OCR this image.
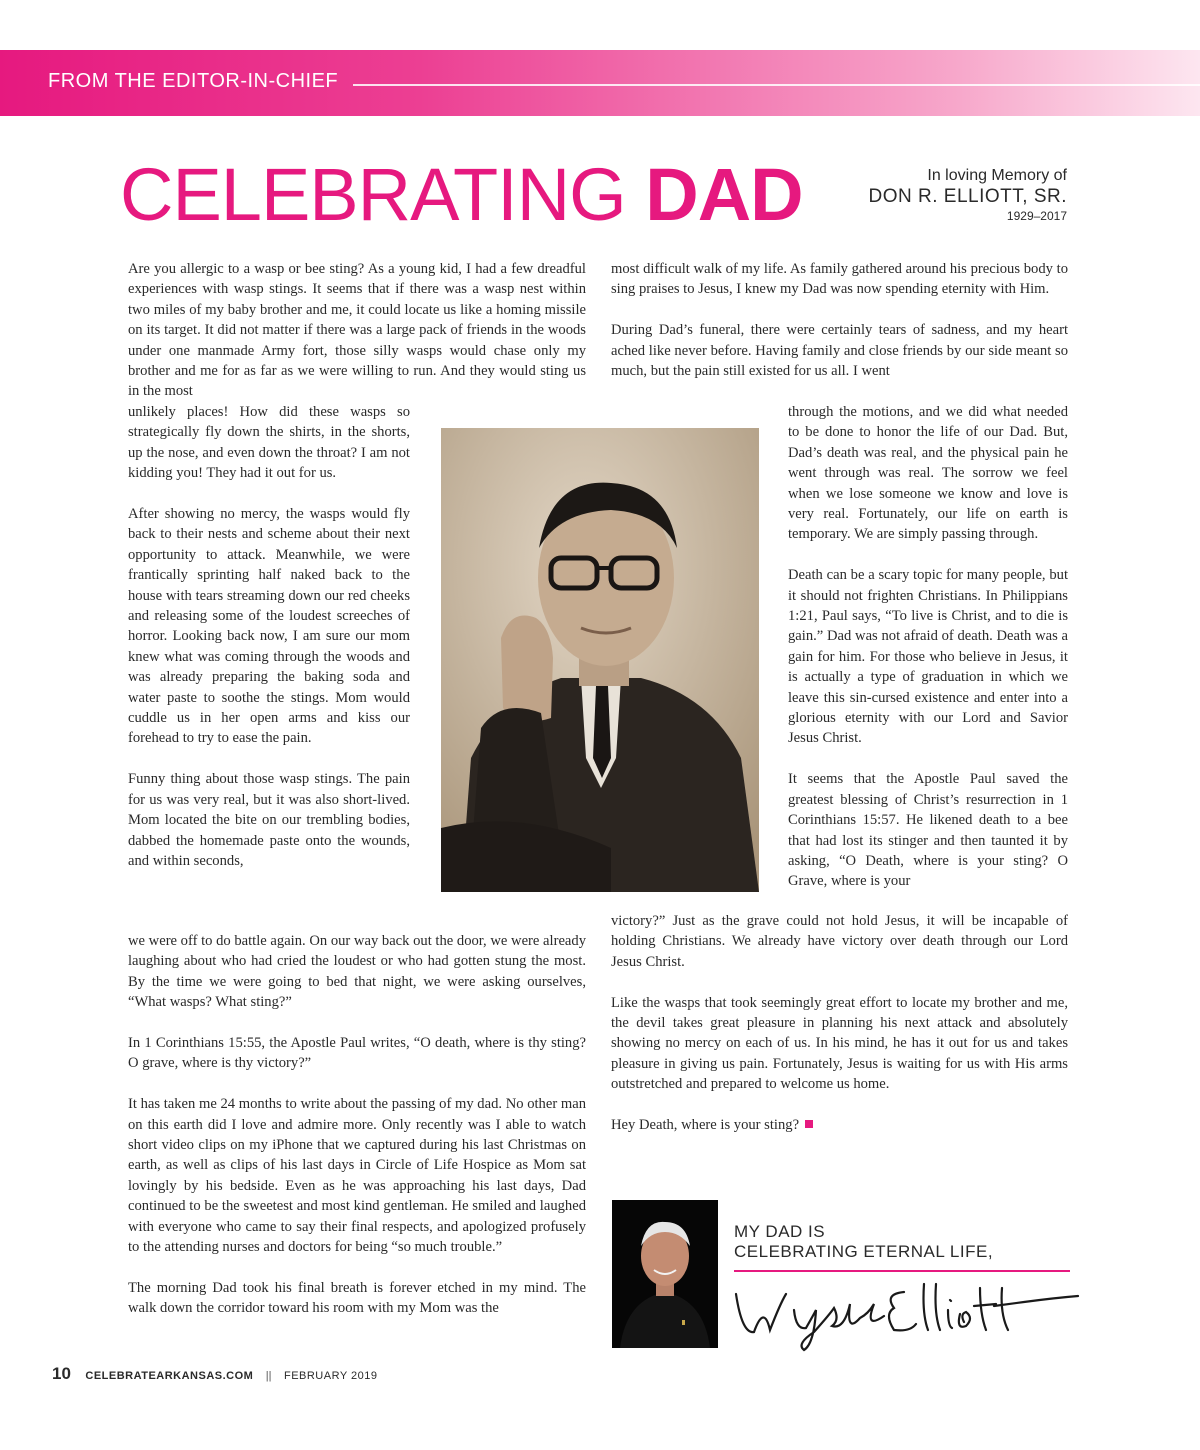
FROM THE EDITOR-IN-CHIEF
CELEBRATING DAD	In loving Memory of
DON R. ELLIOTT, SR.
1929–2017

Are you allergic to a wasp or bee sting? As a young kid, I had a few dreadful experiences with wasp stings. It seems that if there was a wasp nest within two miles of my baby brother and me, it could locate us like a homing missile on its target. It did not matter if there was a large pack of friends in the woods under one manmade Army fort, those silly wasps would chase only my brother and me for as far as we were willing to run. And they would sting us in the most

unlikely places! How did these wasps so strategically fly down the shirts, in the shorts, up the nose, and even down the throat? I am not kidding you! They had it out for us.

After showing no mercy, the wasps would fly back to their nests and scheme about their next opportunity to attack. Meanwhile, we were frantically sprinting half naked back to the house with tears streaming down our red cheeks and releasing some of the loudest screeches of horror. Looking back now, I am sure our mom knew what was coming through the woods and was already preparing the baking soda and water paste to soothe the stings. Mom would cuddle us in her open arms and kiss our forehead to try to ease the pain.

Funny thing about those wasp stings. The pain for us was very real, but it was also short-lived. Mom located the bite on our trembling bodies, dabbed the homemade paste onto the wounds, and within seconds,

we were off to do battle again. On our way back out the door, we were already laughing about who had cried the loudest or who had gotten stung the most. By the time we were going to bed that night, we were asking ourselves, “What wasps? What sting?”

In 1 Corinthians 15:55, the Apostle Paul writes, “O death, where is thy sting? O grave, where is thy victory?”

It has taken me 24 months to write about the passing of my dad. No other man on this earth did I love and admire more. Only recently was I able to watch short video clips on my iPhone that we captured during his last Christmas on earth, as well as clips of his last days in Circle of Life Hospice as Mom sat lovingly by his bedside. Even as he was approaching his last days, Dad continued to be the sweetest and most kind gentleman. He smiled and laughed with everyone who came to say their final respects, and apologized profusely to the attending nurses and doctors for being “so much trouble.”

The morning Dad took his final breath is forever etched in my mind. The walk down the corridor toward his room with my Mom was the

most difficult walk of my life. As family gathered around his precious body to sing praises to Jesus, I knew my Dad was now spending eternity with Him.

During Dad’s funeral, there were certainly tears of sadness, and my heart ached like never before. Having family and close friends by our side meant so much, but the pain still existed for us all. I went

through the motions, and we did what needed to be done to honor the life of our Dad. But, Dad’s death was real, and the physical pain he went through was real. The sorrow we feel when we lose someone we know and love is very real. Fortunately, our life on earth is temporary. We are simply passing through.

Death can be a scary topic for many people, but it should not frighten Christians. In Philippians 1:21, Paul says, “To live is Christ, and to die is gain.” Dad was not afraid of death. Death was a gain for him. For those who believe in Jesus, it is actually a type of graduation in which we leave this sin-cursed existence and enter into a glorious eternity with our Lord and Savior Jesus Christ.

It seems that the Apostle Paul saved the greatest blessing of Christ’s resurrection in 1 Corinthians 15:57. He likened death to a bee that had lost its stinger and then taunted it by asking, “O Death, where is your sting? O Grave, where is your

victory?” Just as the grave could not hold Jesus, it will be incapable of holding Christians. We already have victory over death through our Lord Jesus Christ.

Like the wasps that took seemingly great effort to locate my brother and me, the devil takes great pleasure in planning his next attack and absolutely showing no mercy on each of us. In his mind, he has it out for us and takes pleasure in giving us pain. Fortunately, Jesus is waiting for us with His arms outstretched and prepared to welcome us home.

Hey Death, where is your sting?

MY DAD IS
CELEBRATING ETERNAL LIFE,
10 CELEBRATEARKANSAS.COM || FEBRUARY 2019
